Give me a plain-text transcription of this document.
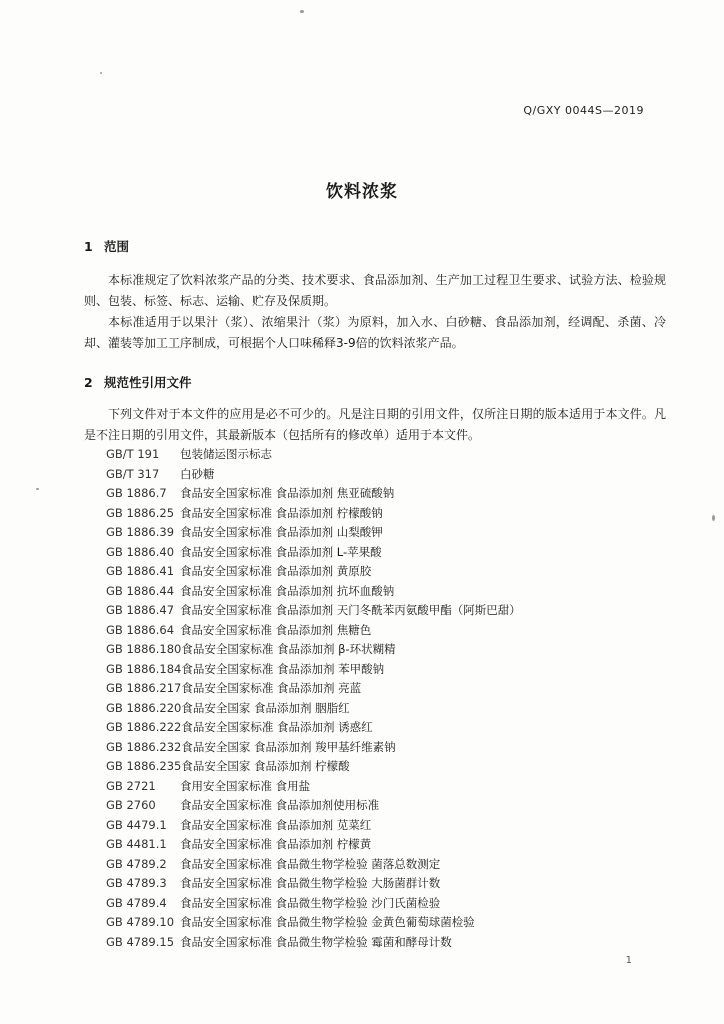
Q/GXY 0044S—2019
饮料浓浆
1 范围
本标准规定了饮料浓浆产品的分类、技术要求、食品添加剂、生产加工过程卫生要求、试验方法、检验规则、包装、标签、标志、运输、贮存及保质期。
本标准适用于以果汁（浆）、浓缩果汁（浆）为原料，加入水、白砂糖、食品添加剂，经调配、杀菌、冷却、灌装等加工工序制成，可根据个人口味稀释3-9倍的饮料浓浆产品。
2 规范性引用文件
下列文件对于本文件的应用是必不可少的。凡是注日期的引用文件，仅所注日期的版本适用于本文件。凡是不注日期的引用文件，其最新版本（包括所有的修改单）适用于本文件。
GB/T 191 包装储运图示标志
GB/T 317 白砂糖
GB 1886.7 食品安全国家标准 食品添加剂 焦亚硫酸钠
GB 1886.25 食品安全国家标准 食品添加剂 柠檬酸钠
GB 1886.39 食品安全国家标准 食品添加剂 山梨酸钾
GB 1886.40 食品安全国家标准 食品添加剂 L-苹果酸
GB 1886.41 食品安全国家标准 食品添加剂 黄原胶
GB 1886.44 食品安全国家标准 食品添加剂 抗坏血酸钠
GB 1886.47 食品安全国家标准 食品添加剂 天门冬酰苯丙氨酸甲酯（阿斯巴甜）
GB 1886.64 食品安全国家标准 食品添加剂 焦糖色
GB 1886.180食品安全国家标准 食品添加剂 β-环状糊精
GB 1886.184食品安全国家标准 食品添加剂 苯甲酸钠
GB 1886.217食品安全国家标准 食品添加剂 亮蓝
GB 1886.220食品安全国家 食品添加剂 胭脂红
GB 1886.222食品安全国家标准 食品添加剂 诱惑红
GB 1886.232食品安全国家 食品添加剂 羧甲基纤维素钠
GB 1886.235食品安全国家 食品添加剂 柠檬酸
GB 2721 食用安全国家标准 食用盐
GB 2760 食品安全国家标准 食品添加剂使用标准
GB 4479.1 食品安全国家标准 食品添加剂 苋菜红
GB 4481.1 食品安全国家标准 食品添加剂 柠檬黄
GB 4789.2 食品安全国家标准 食品微生物学检验 菌落总数测定
GB 4789.3 食品安全国家标准 食品微生物学检验 大肠菌群计数
GB 4789.4 食品安全国家标准 食品微生物学检验 沙门氏菌检验
GB 4789.10 食品安全国家标准 食品微生物学检验 金黄色葡萄球菌检验
GB 4789.15 食品安全国家标准 食品微生物学检验 霉菌和酵母计数
1
